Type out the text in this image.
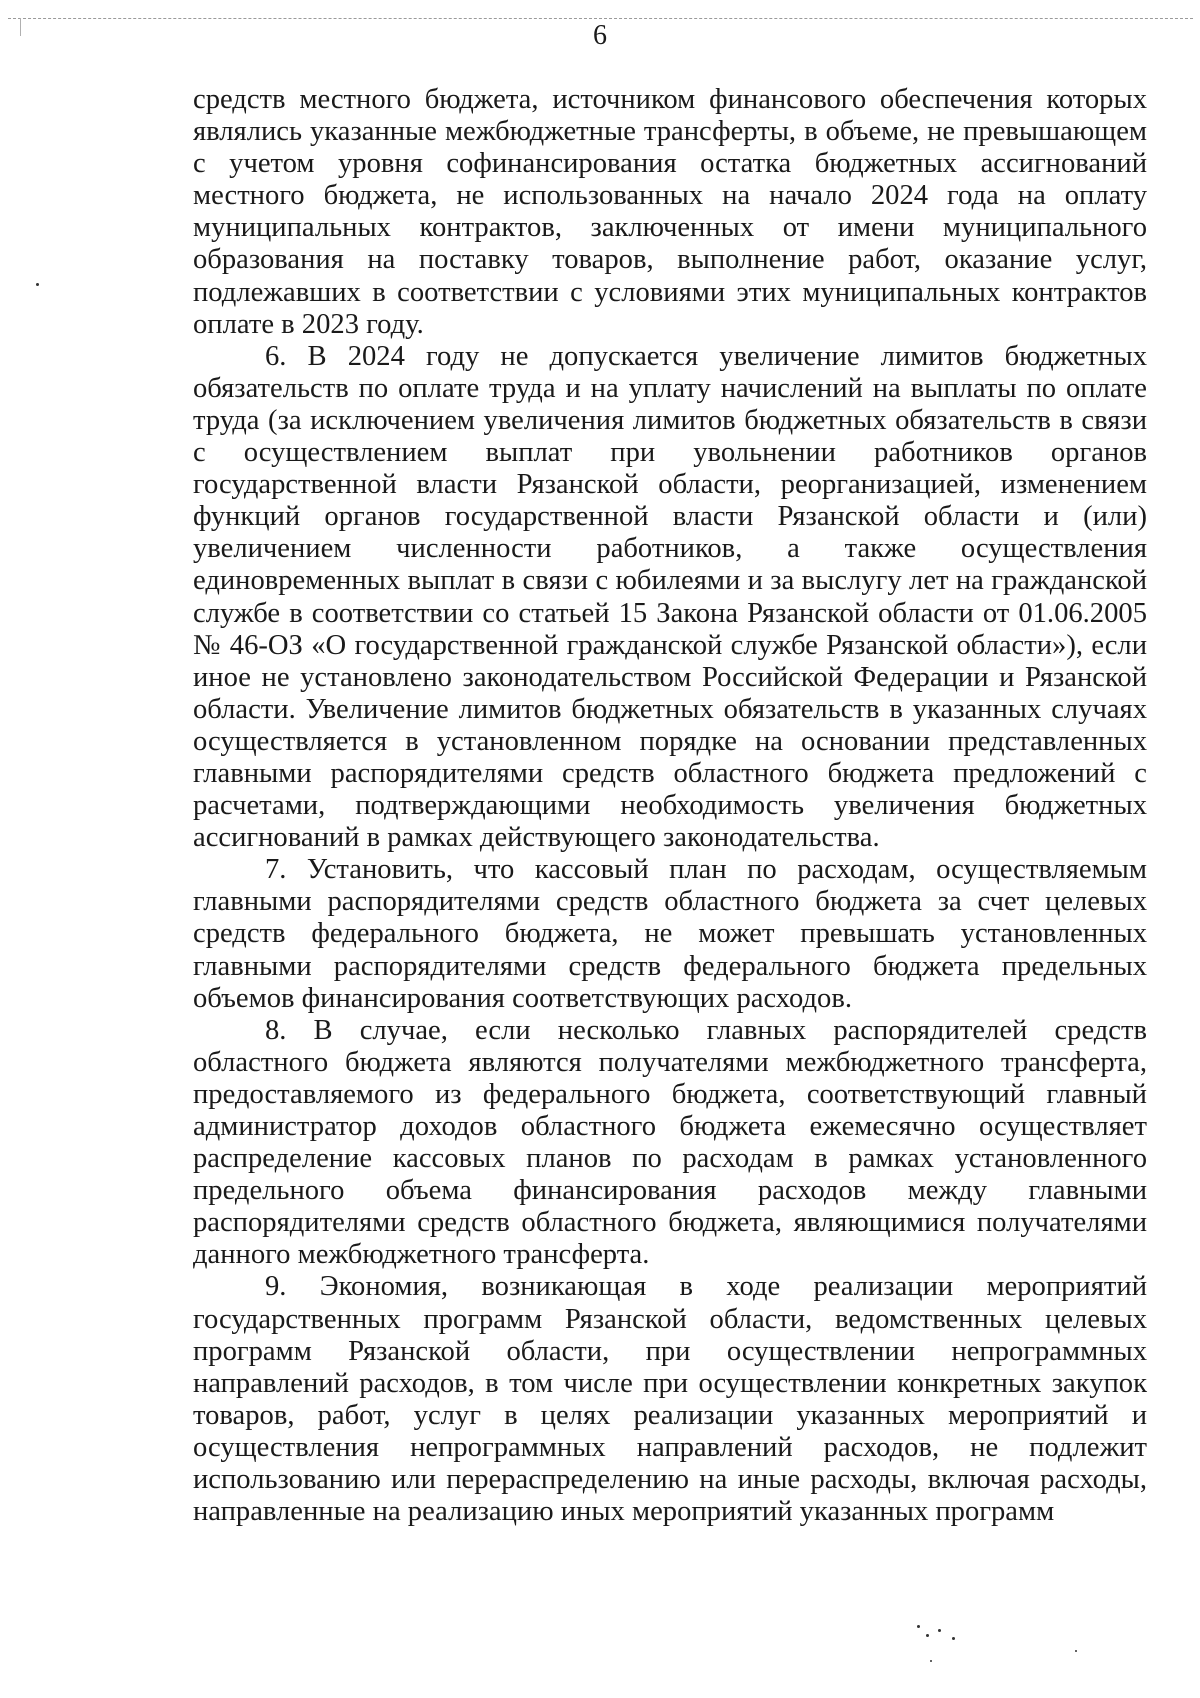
6

средств местного бюджета, источником финансового обеспечения которых являлись указанные межбюджетные трансферты, в объеме, не превышающем с учетом уровня софинансирования остатка бюджетных ассигнований местного бюджета, не использованных на начало 2024 года на оплату муниципальных контрактов, заключенных от имени муниципального образования на поставку товаров, выполнение работ, оказание услуг, подлежавших в соответствии с условиями этих муниципальных контрактов оплате в 2023 году.

6. В 2024 году не допускается увеличение лимитов бюджетных обязательств по оплате труда и на уплату начислений на выплаты по оплате труда (за исключением увеличения лимитов бюджетных обязательств в связи с осуществлением выплат при увольнении работников органов государственной власти Рязанской области, реорганизацией, изменением функций органов государственной власти Рязанской области и (или) увеличением численности работников, а также осуществления единовременных выплат в связи с юбилеями и за выслугу лет на гражданской службе в соответствии со статьей 15 Закона Рязанской области от 01.06.2005 № 46-ОЗ «О государственной гражданской службе Рязанской области»), если иное не установлено законодательством Российской Федерации и Рязанской области. Увеличение лимитов бюджетных обязательств в указанных случаях осуществляется в установленном порядке на основании представленных главными распорядителями средств областного бюджета предложений с расчетами, подтверждающими необходимость увеличения бюджетных ассигнований в рамках действующего законодательства.

7. Установить, что кассовый план по расходам, осуществляемым главными распорядителями средств областного бюджета за счет целевых средств федерального бюджета, не может превышать установленных главными распорядителями средств федерального бюджета предельных объемов финансирования соответствующих расходов.

8. В случае, если несколько главных распорядителей средств областного бюджета являются получателями межбюджетного трансферта, предоставляемого из федерального бюджета, соответствующий главный администратор доходов областного бюджета ежемесячно осуществляет распределение кассовых планов по расходам в рамках установленного предельного объема финансирования расходов между главными распорядителями средств областного бюджета, являющимися получателями данного межбюджетного трансферта.

9. Экономия, возникающая в ходе реализации мероприятий государственных программ Рязанской области, ведомственных целевых программ Рязанской области, при осуществлении непрограммных направлений расходов, в том числе при осуществлении конкретных закупок товаров, работ, услуг в целях реализации указанных мероприятий и осуществления непрограммных направлений расходов, не подлежит использованию или перераспределению на иные расходы, включая расходы, направленные на реализацию иных мероприятий указанных программ
